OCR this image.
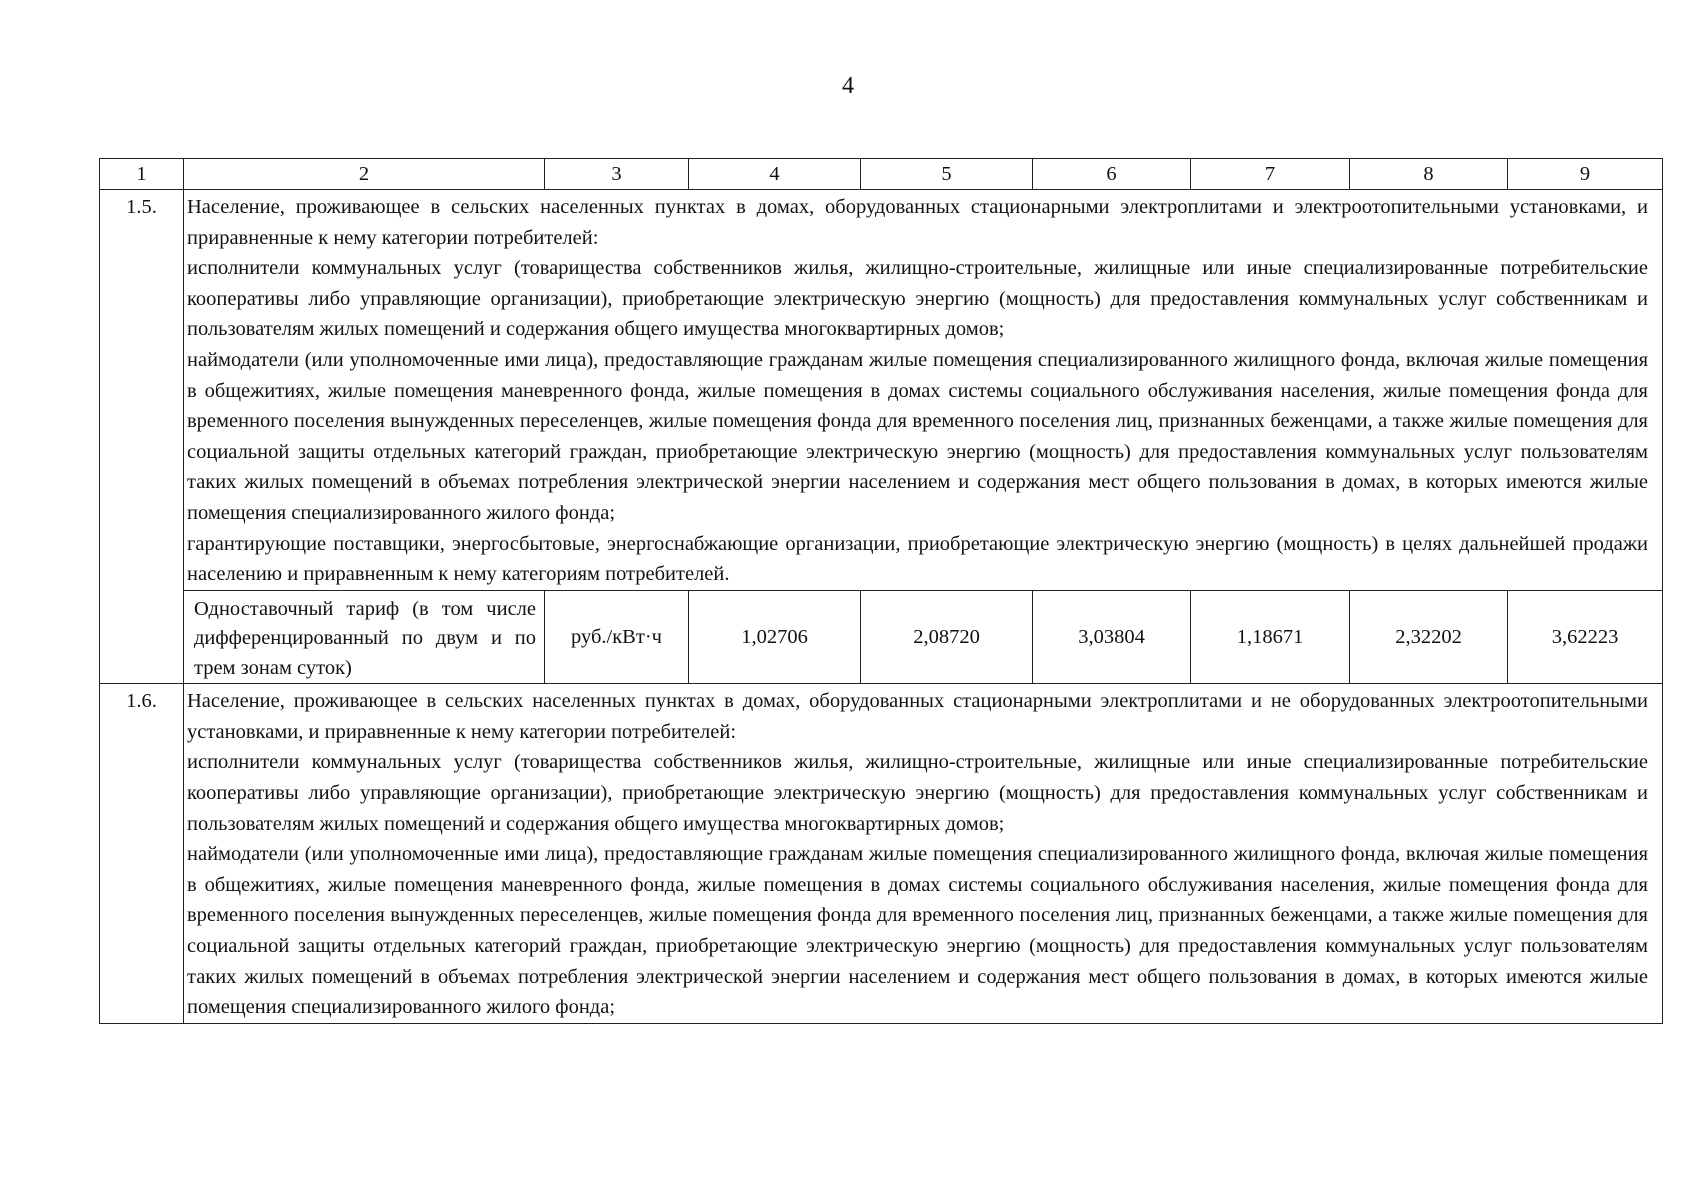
4
1	2	3	4	5	6	7	8	9
1.5.	Население, проживающее в сельских населенных пунктах в домах, оборудованных стационарными электроплитами и электроотопительными установками, и приравненные к нему категории потребителей:

исполнители коммунальных услуг (товарищества собственников жилья, жилищно-строительные, жилищные или иные специализированные потребительские кооперативы либо управляющие организации), приобретающие электрическую энергию (мощность) для предоставления коммунальных услуг собственникам и пользователям жилых помещений и содержания общего имущества многоквартирных домов;

наймодатели (или уполномоченные ими лица), предоставляющие гражданам жилые помещения специализированного жилищного фонда, включая жилые помещения в общежитиях, жилые помещения маневренного фонда, жилые помещения в домах системы социального обслуживания населения, жилые помещения фонда для временного поселения вынужденных переселенцев, жилые помещения фонда для временного поселения лиц, признанных беженцами, а также жилые помещения для социальной защиты отдельных категорий граждан, приобретающие электрическую энергию (мощность) для предоставления коммунальных услуг пользователям таких жилых помещений в объемах потребления электрической энергии населением и содержания мест общего пользования в домах, в которых имеются жилые помещения специализированного жилого фонда;

гарантирующие поставщики, энергосбытовые, энергоснабжающие организации, приобретающие электрическую энергию (мощность) в целях дальнейшей продажи населению и приравненным к нему категориям потребителей.							

	Одноставочный тариф (в том числе дифференцированный по двум и по трем зонам суток)	руб./кВт·ч	1,02706	2,08720	3,03804	1,18671	2,32202	3,62223
1.6.	Население, проживающее в сельских населенных пунктах в домах, оборудованных стационарными электроплитами и не оборудованных электроотопительными установками, и приравненные к нему категории потребителей:

исполнители коммунальных услуг (товарищества собственников жилья, жилищно-строительные, жилищные или иные специализированные потребительские кооперативы либо управляющие организации), приобретающие электрическую энергию (мощность) для предоставления коммунальных услуг собственникам и пользователям жилых помещений и содержания общего имущества многоквартирных домов;

наймодатели (или уполномоченные ими лица), предоставляющие гражданам жилые помещения специализированного жилищного фонда, включая жилые помещения в общежитиях, жилые помещения маневренного фонда, жилые помещения в домах системы социального обслуживания населения, жилые помещения фонда для временного поселения вынужденных переселенцев, жилые помещения фонда для временного поселения лиц, признанных беженцами, а также жилые помещения для социальной защиты отдельных категорий граждан, приобретающие электрическую энергию (мощность) для предоставления коммунальных услуг пользователям таких жилых помещений в объемах потребления электрической энергии населением и содержания мест общего пользования в домах, в которых имеются жилые помещения специализированного жилого фонда;							
